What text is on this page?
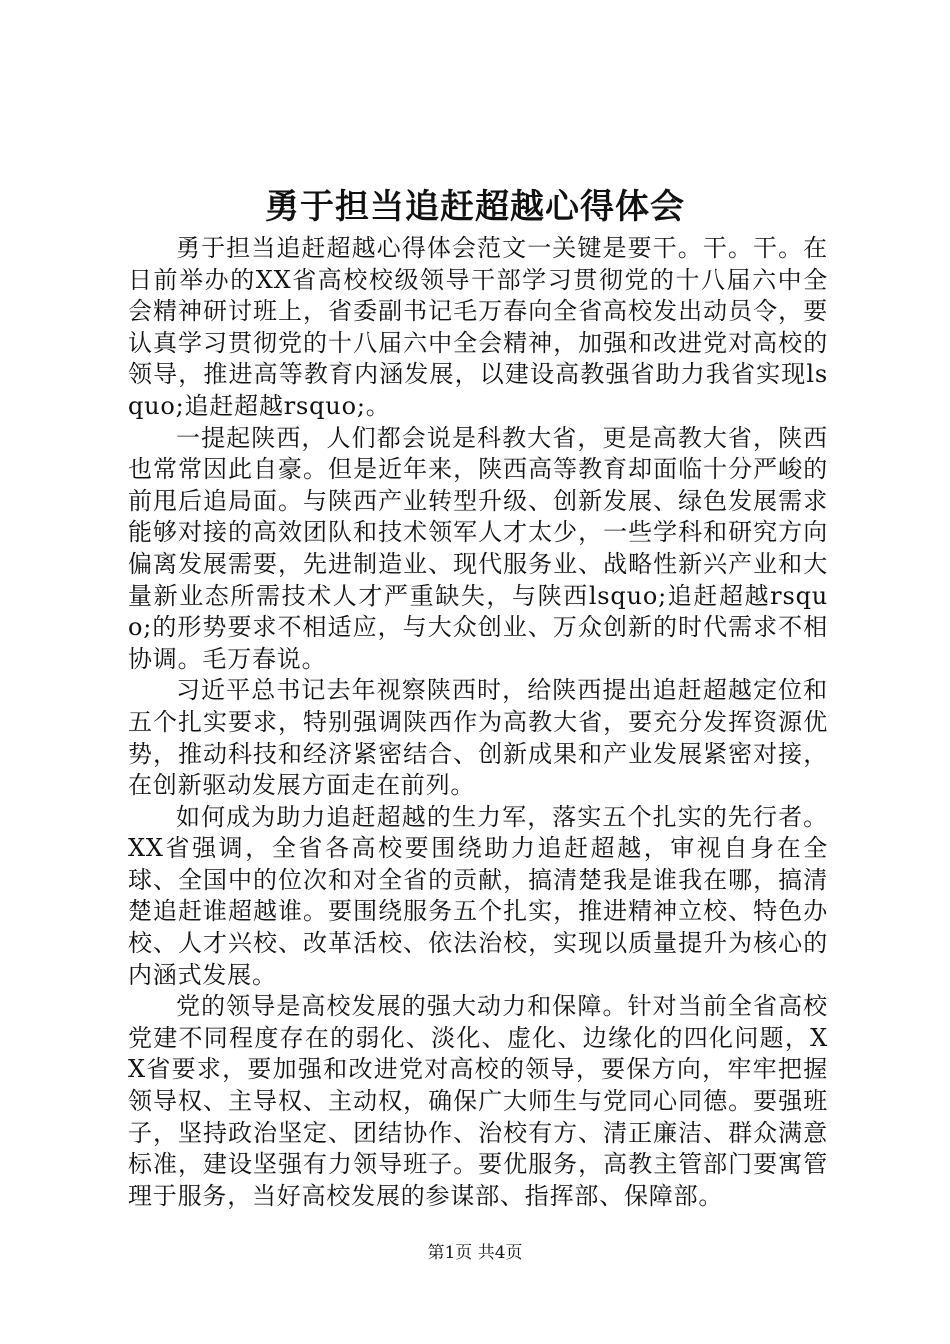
勇于担当追赶超越心得体会

勇于担当追赶超越心得体会范文一关键是要干。干。干。在日前举办的XX省高校校级领导干部学习贯彻党的十八届六中全会精神研讨班上，省委副书记毛万春向全省高校发出动员令，要认真学习贯彻党的十八届六中全会精神，加强和改进党对高校的领导，推进高等教育内涵发展，以建设高教强省助力我省实现lsquo;追赶超越rsquo;。

一提起陕西，人们都会说是科教大省，更是高教大省，陕西也常常因此自豪。但是近年来，陕西高等教育却面临十分严峻的前甩后追局面。与陕西产业转型升级、创新发展、绿色发展需求能够对接的高效团队和技术领军人才太少，一些学科和研究方向偏离发展需要，先进制造业、现代服务业、战略性新兴产业和大量新业态所需技术人才严重缺失，与陕西lsquo;追赶超越rsquo;的形势要求不相适应，与大众创业、万众创新的时代需求不相协调。毛万春说。

习近平总书记去年视察陕西时，给陕西提出追赶超越定位和五个扎实要求，特别强调陕西作为高教大省，要充分发挥资源优势，推动科技和经济紧密结合、创新成果和产业发展紧密对接，在创新驱动发展方面走在前列。

如何成为助力追赶超越的生力军，落实五个扎实的先行者。XX省强调，全省各高校要围绕助力追赶超越，审视自身在全球、全国中的位次和对全省的贡献，搞清楚我是谁我在哪，搞清楚追赶谁超越谁。要围绕服务五个扎实，推进精神立校、特色办校、人才兴校、改革活校、依法治校，实现以质量提升为核心的内涵式发展。

党的领导是高校发展的强大动力和保障。针对当前全省高校党建不同程度存在的弱化、淡化、虚化、边缘化的四化问题，XX省要求，要加强和改进党对高校的领导，要保方向，牢牢把握领导权、主导权、主动权，确保广大师生与党同心同德。要强班子，坚持政治坚定、团结协作、治校有方、清正廉洁、群众满意标准，建设坚强有力领导班子。要优服务，高教主管部门要寓管理于服务，当好高校发展的参谋部、指挥部、保障部。

第1页 共4页
